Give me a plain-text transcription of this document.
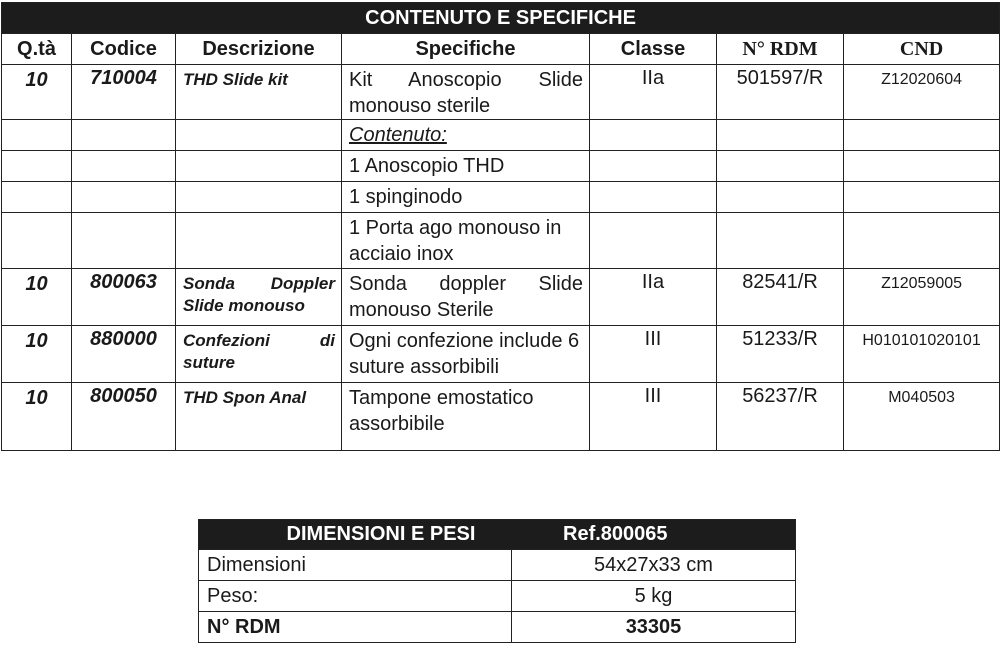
CONTENUTO E SPECIFICHE						
Q.tà	Codice	Descrizione	Specifiche	Classe	N° RDM	CND
10	710004	THD Slide kit	Kit Anoscopio Slide monouso sterile	IIa	501597/R	Z12020604
			Contenuto:			
			1 Anoscopio THD			
			1 spinginodo			
			1 Porta ago monouso in acciaio inox			
10	800063	Sonda Doppler Slide monouso	Sonda doppler Slide monouso Sterile	IIa	82541/R	Z12059005
10	880000	Confezioni di suture	Ogni confezione include 6 suture assorbibili	III	51233/R	H010101020101
10	800050	THD Spon Anal	Tampone emostatico assorbibile	III	56237/R	M040503
DIMENSIONI E PESI Ref.800065	
Dimensioni	54x27x33 cm
Peso:	5 kg
N° RDM	33305
